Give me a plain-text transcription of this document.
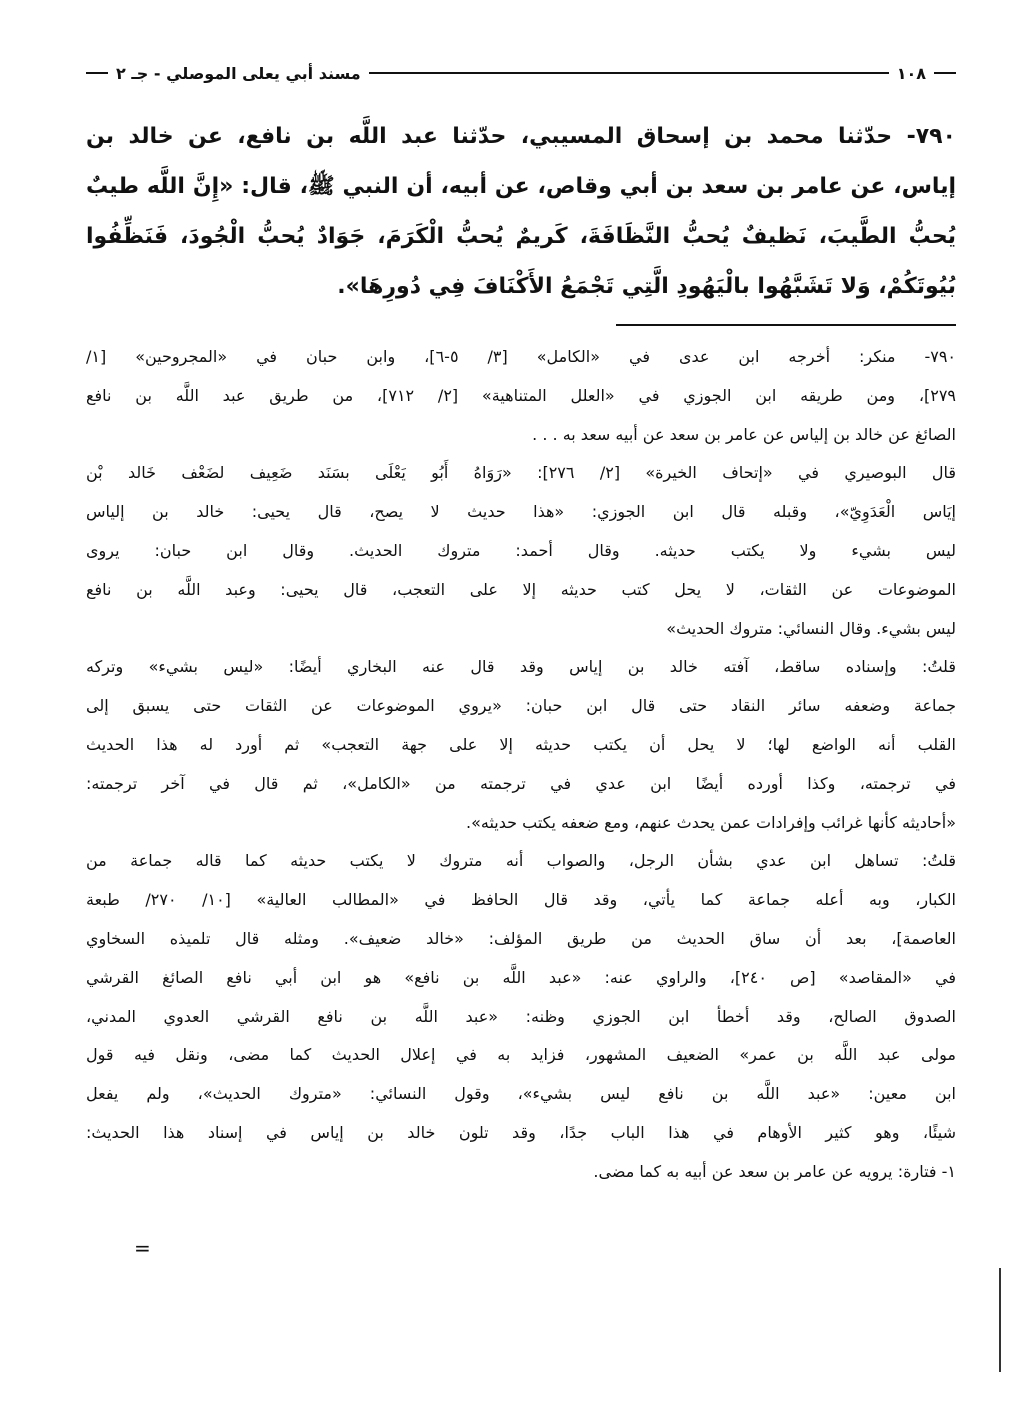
١٠٨
مسند أبي يعلى الموصلي - جـ ٢
٧٩٠- حدّثنا محمد بن إسحاق المسيبي، حدّثنا عبد اللَّه بن نافع، عن خالد بن
إياس، عن عامر بن سعد بن أبي وقاص، عن أبيه، أن النبي ﷺ، قال: «إِنَّ اللَّه طيبٌ
يُحبُّ الطَّيبَ، نَظيفٌ يُحبُّ النَّظَافَةَ، كَريمٌ يُحبُّ الْكَرَمَ، جَوَادٌ يُحبُّ الْجُودَ، فَنَظِّفُوا
بُيُوتَكُمْ، وَلا تَشَبَّهُوا بالْيَهُودِ الَّتِي تَجْمَعُ الأَكْنَافَ فِي دُورِهَا».
٧٩٠- منكر: أخرجه ابن عدى في «الكامل» [٣/ ٥-٦]، وابن حبان في «المجروحين» [١/
٢٧٩]، ومن طريقه ابن الجوزي في «العلل المتناهية» [٢/ ٧١٢]، من طريق عبد اللَّه بن نافع
الصائغ عن خالد بن إلياس عن عامر بن سعد عن أبيه سعد به . . .
قال البوصيري في «إتحاف الخيرة» [٢/ ٢٧٦]: «رَوَاهُ أَبُو يَعْلَى بسَنَد ضَعِيف لضَعْف خَالد بْن
إيَاس الْعَدَوِيّ»، وقبله قال ابن الجوزي: «هذا حديث لا يصح، قال يحيى: خالد بن إلياس
ليس بشيء ولا يكتب حديثه. وقال أحمد: متروك الحديث. وقال ابن حبان: يروى
الموضوعات عن الثقات، لا يحل كتب حديثه إلا على التعجب، قال يحيى: وعبد اللَّه بن نافع
ليس بشيء. وقال النسائي: متروك الحديث»
قلتُ: وإسناده ساقط، آفته خالد بن إياس وقد قال عنه البخاري أيضًا: «ليس بشيء» وتركه
جماعة وضعفه سائر النقاد حتى قال ابن حبان: «يروي الموضوعات عن الثقات حتى يسبق إلى
القلب أنه الواضع لها؛ لا يحل أن يكتب حديثه إلا على جهة التعجب» ثم أورد له هذا الحديث
في ترجمته، وكذا أورده أيضًا ابن عدي في ترجمته من «الكامل»، ثم قال في آخر ترجمته:
«أحاديثه كأنها غرائب وإفرادات عمن يحدث عنهم، ومع ضعفه يكتب حديثه».
قلتُ: تساهل ابن عدي بشأن الرجل، والصواب أنه متروك لا يكتب حديثه كما قاله جماعة من
الكبار، وبه أعله جماعة كما يأتي، وقد قال الحافظ في «المطالب العالية» [١٠/ ٢٧٠/ طبعة
العاصمة]، بعد أن ساق الحديث من طريق المؤلف: «خالد ضعيف». ومثله قال تلميذه السخاوي
في «المقاصد» [ص ٢٤٠]، والراوي عنه: «عبد اللَّه بن نافع» هو ابن أبي نافع الصائغ القرشي
الصدوق الصالح، وقد أخطأ ابن الجوزي وظنه: «عبد اللَّه بن نافع القرشي العدوي المدني،
مولى عبد اللَّه بن عمر» الضعيف المشهور، فزايد به في إعلال الحديث كما مضى، ونقل فيه قول
ابن معين: «عبد اللَّه بن نافع ليس بشيء»، وقول النسائي: «متروك الحديث»، ولم يفعل
شيئًا، وهو كثير الأوهام في هذا الباب جدًا، وقد تلون خالد بن إياس في إسناد هذا الحديث:
١- فتارة: يرويه عن عامر بن سعد عن أبيه به كما مضى.
=
